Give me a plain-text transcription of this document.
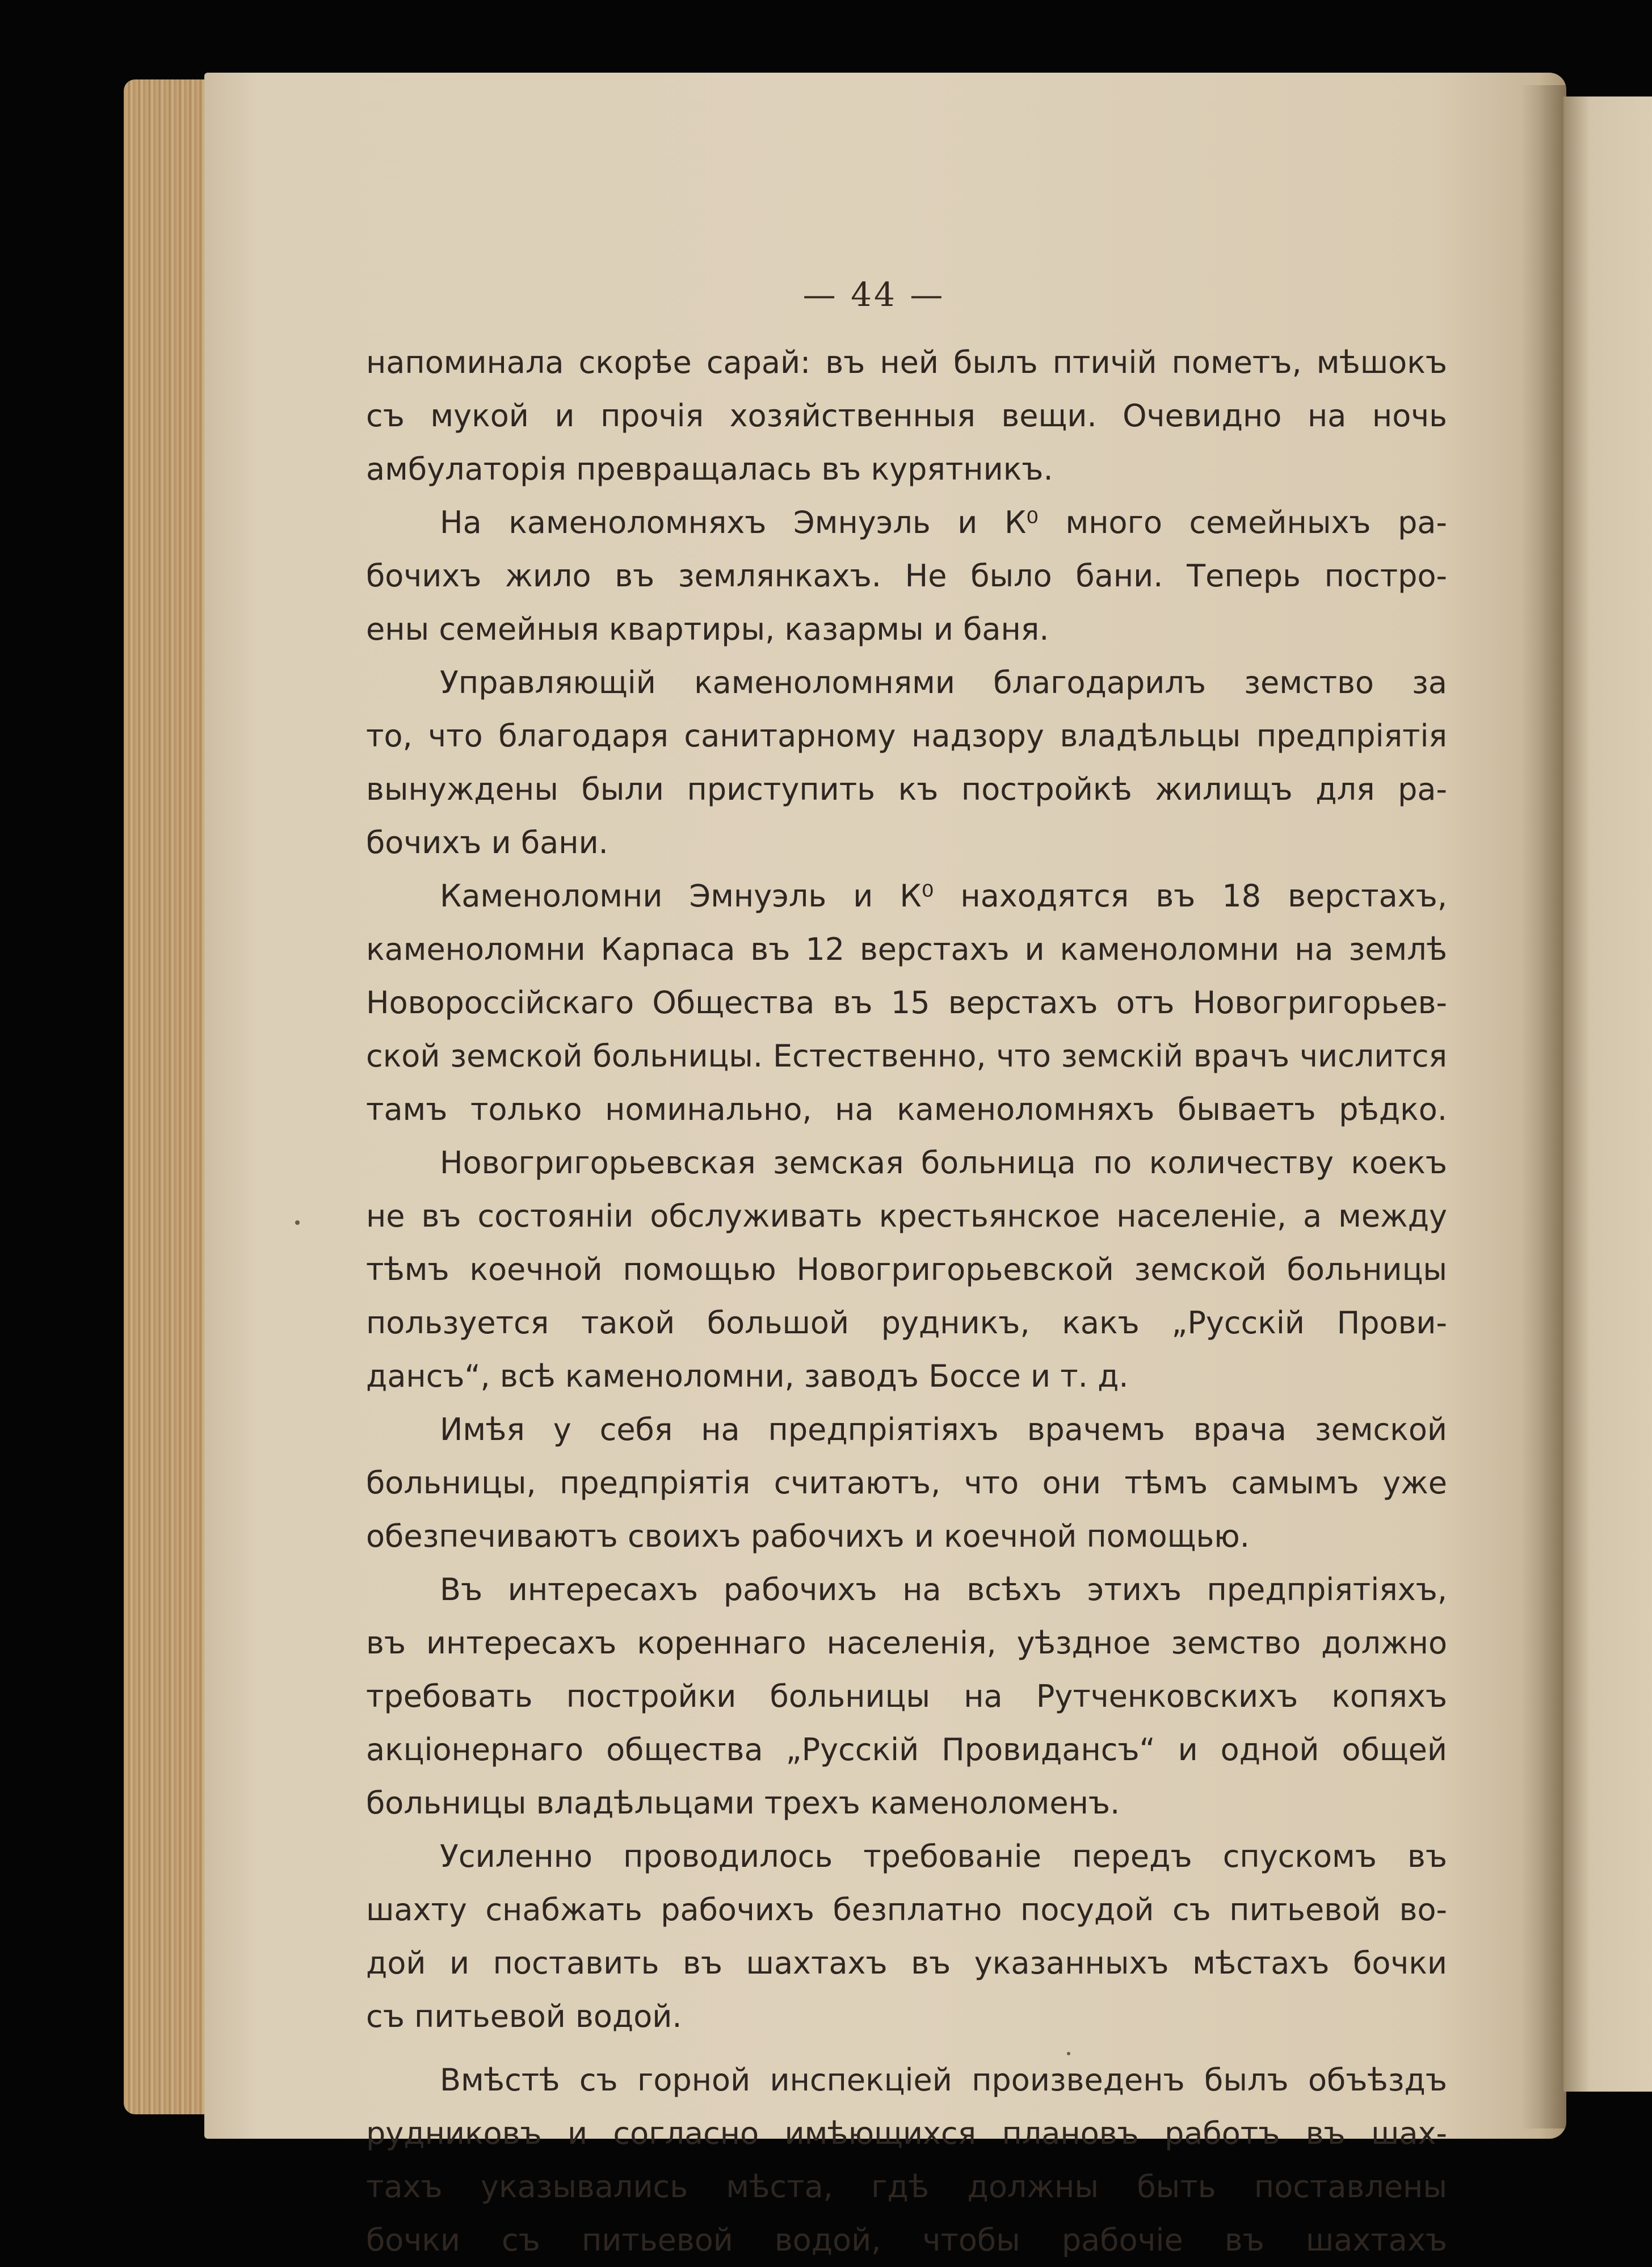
— 44 —
напоминала скорѣе сарай: въ ней былъ птичій пометъ, мѣшокъ
съ мукой и прочія хозяйственныя вещи. Очевидно на ночь
амбулаторія превращалась въ курятникъ.
На каменоломняхъ Эмнуэль и К⁰ много семейныхъ ра-
бочихъ жило въ землянкахъ. Не было бани. Теперь постро-
ены семейныя квартиры, казармы и баня.
Управляющій каменоломнями благодарилъ земство за
то, что благодаря санитарному надзору владѣльцы предпріятія
вынуждены были приступить къ постройкѣ жилищъ для ра-
бочихъ и бани.
Каменоломни Эмнуэль и К⁰ находятся въ 18 верстахъ,
каменоломни Карпаса въ 12 верстахъ и каменоломни на землѣ
Новороссійскаго Общества въ 15 верстахъ отъ Новогригорьев-
ской земской больницы. Естественно, что земскій врачъ числится
тамъ только номинально, на каменоломняхъ бываетъ рѣдко.
Новогригорьевская земская больница по количеству коекъ
не въ состояніи обслуживать крестьянское населеніе, а между
тѣмъ коечной помощью Новогригорьевской земской больницы
пользуется такой большой рудникъ, какъ „Русскій Прови-
дансъ“, всѣ каменоломни, заводъ Боссе и т. д.
Имѣя у себя на предпріятіяхъ врачемъ врача земской
больницы, предпріятія считаютъ, что они тѣмъ самымъ уже
обезпечиваютъ своихъ рабочихъ и коечной помощью.
Въ интересахъ рабочихъ на всѣхъ этихъ предпріятіяхъ,
въ интересахъ кореннаго населенія, уѣздное земство должно
требовать постройки больницы на Рутченковскихъ копяхъ
акціонернаго общества „Русскій Провидансъ“ и одной общей
больницы владѣльцами трехъ каменоломенъ.
Усиленно проводилось требованіе передъ спускомъ въ
шахту снабжать рабочихъ безплатно посудой съ питьевой во-
дой и поставить въ шахтахъ въ указанныхъ мѣстахъ бочки
съ питьевой водой.
Вмѣстѣ съ горной инспекціей произведенъ былъ объѣздъ
рудниковъ и согласно имѣющихся плановъ работъ въ шах-
тахъ указывались мѣста, гдѣ должны быть поставлены
бочки съ питьевой водой, чтобы рабочіе въ шахтахъ
